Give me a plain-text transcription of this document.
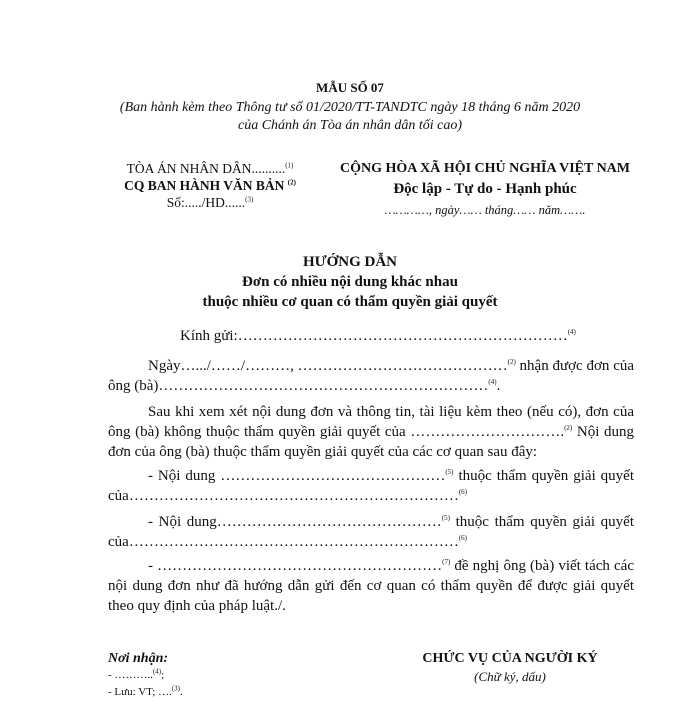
MẪU SỐ 07
(Ban hành kèm theo Thông tư số 01/2020/TT-TANDTC ngày 18 tháng 6 năm 2020
của Chánh án Tòa án nhân dân tối cao)
TÒA ÁN NHÂN DÂN..........$^{(1)}$
CQ BAN HÀNH VĂN BẢN $^{(2)}$
Số:...../HD......$^{(3)}$
CỘNG HÒA XÃ HỘI CHỦ NGHĨA VIỆT NAM
Độc lập - Tự do - Hạnh phúc
…………, ngày…… tháng…… năm…….
HƯỚNG DẪN
Đơn có nhiều nội dung khác nhau
thuộc nhiều cơ quan có thẩm quyền giải quyết
Kính gửi:…………………………………………………………$^{(4)}$
Ngày….../……/………, ……………………………………$^{(2)}$ nhận được đơn của ông (bà)…………………………………………………………$^{(4)}$.
Sau khi xem xét nội dung đơn và thông tin, tài liệu kèm theo (nếu có), đơn của ông (bà) không thuộc thẩm quyền giải quyết của ………………………….$^{(2)}$ Nội dung đơn của ông (bà) thuộc thẩm quyền giải quyết của các cơ quan sau đây:
- Nội dung ………………………………………$^{(5)}$ thuộc thẩm quyền giải quyết của…………………………………………………………$^{(6)}$
- Nội dung………………………………………$^{(5)}$ thuộc thẩm quyền giải quyết của…………………………………………………………$^{(6)}$
- …………………………………………………$^{(7)}$ đề nghị ông (bà) viết tách các nội dung đơn như đã hướng dẫn gửi đến cơ quan có thẩm quyền để được giải quyết theo quy định của pháp luật./.
Nơi nhận:
- ………..$^{(4)}$;
- Lưu: VT; ….$^{(3)}$.
CHỨC VỤ CỦA NGƯỜI KÝ
(Chữ ký, dấu)
